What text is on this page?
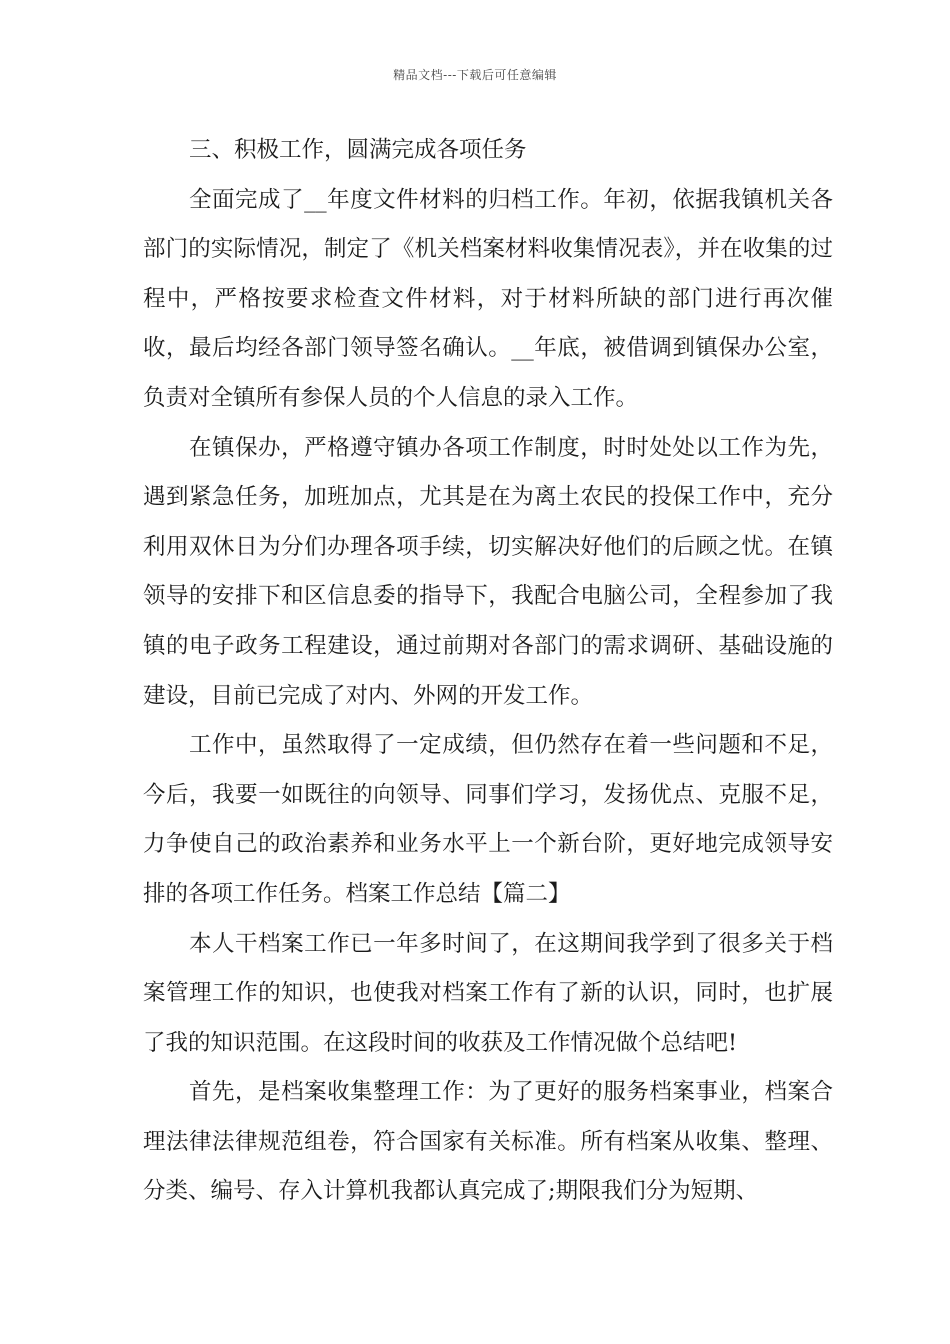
精品文档---下载后可任意编辑

三、积极工作，圆满完成各项任务

全面完成了__年度文件材料的归档工作。年初，依据我镇机关各部门的实际情况，制定了《机关档案材料收集情况表》，并在收集的过程中，严格按要求检查文件材料，对于材料所缺的部门进行再次催收，最后均经各部门领导签名确认。__年底，被借调到镇保办公室，负责对全镇所有参保人员的个人信息的录入工作。

在镇保办，严格遵守镇办各项工作制度，时时处处以工作为先，遇到紧急任务，加班加点，尤其是在为离土农民的投保工作中，充分利用双休日为分们办理各项手续，切实解决好他们的后顾之忧。在镇领导的安排下和区信息委的指导下，我配合电脑公司，全程参加了我镇的电子政务工程建设，通过前期对各部门的需求调研、基础设施的建设，目前已完成了对内、外网的开发工作。

工作中，虽然取得了一定成绩，但仍然存在着一些问题和不足，今后，我要一如既往的向领导、同事们学习，发扬优点、克服不足，力争使自己的政治素养和业务水平上一个新台阶，更好地完成领导安排的各项工作任务。档案工作总结【篇二】

本人干档案工作已一年多时间了，在这期间我学到了很多关于档案管理工作的知识，也使我对档案工作有了新的认识，同时，也扩展了我的知识范围。在这段时间的收获及工作情况做个总结吧!

首先，是档案收集整理工作：为了更好的服务档案事业，档案合理法律法律规范组卷，符合国家有关标准。所有档案从收集、整理、分类、编号、存入计算机我都认真完成了;期限我们分为短期、
